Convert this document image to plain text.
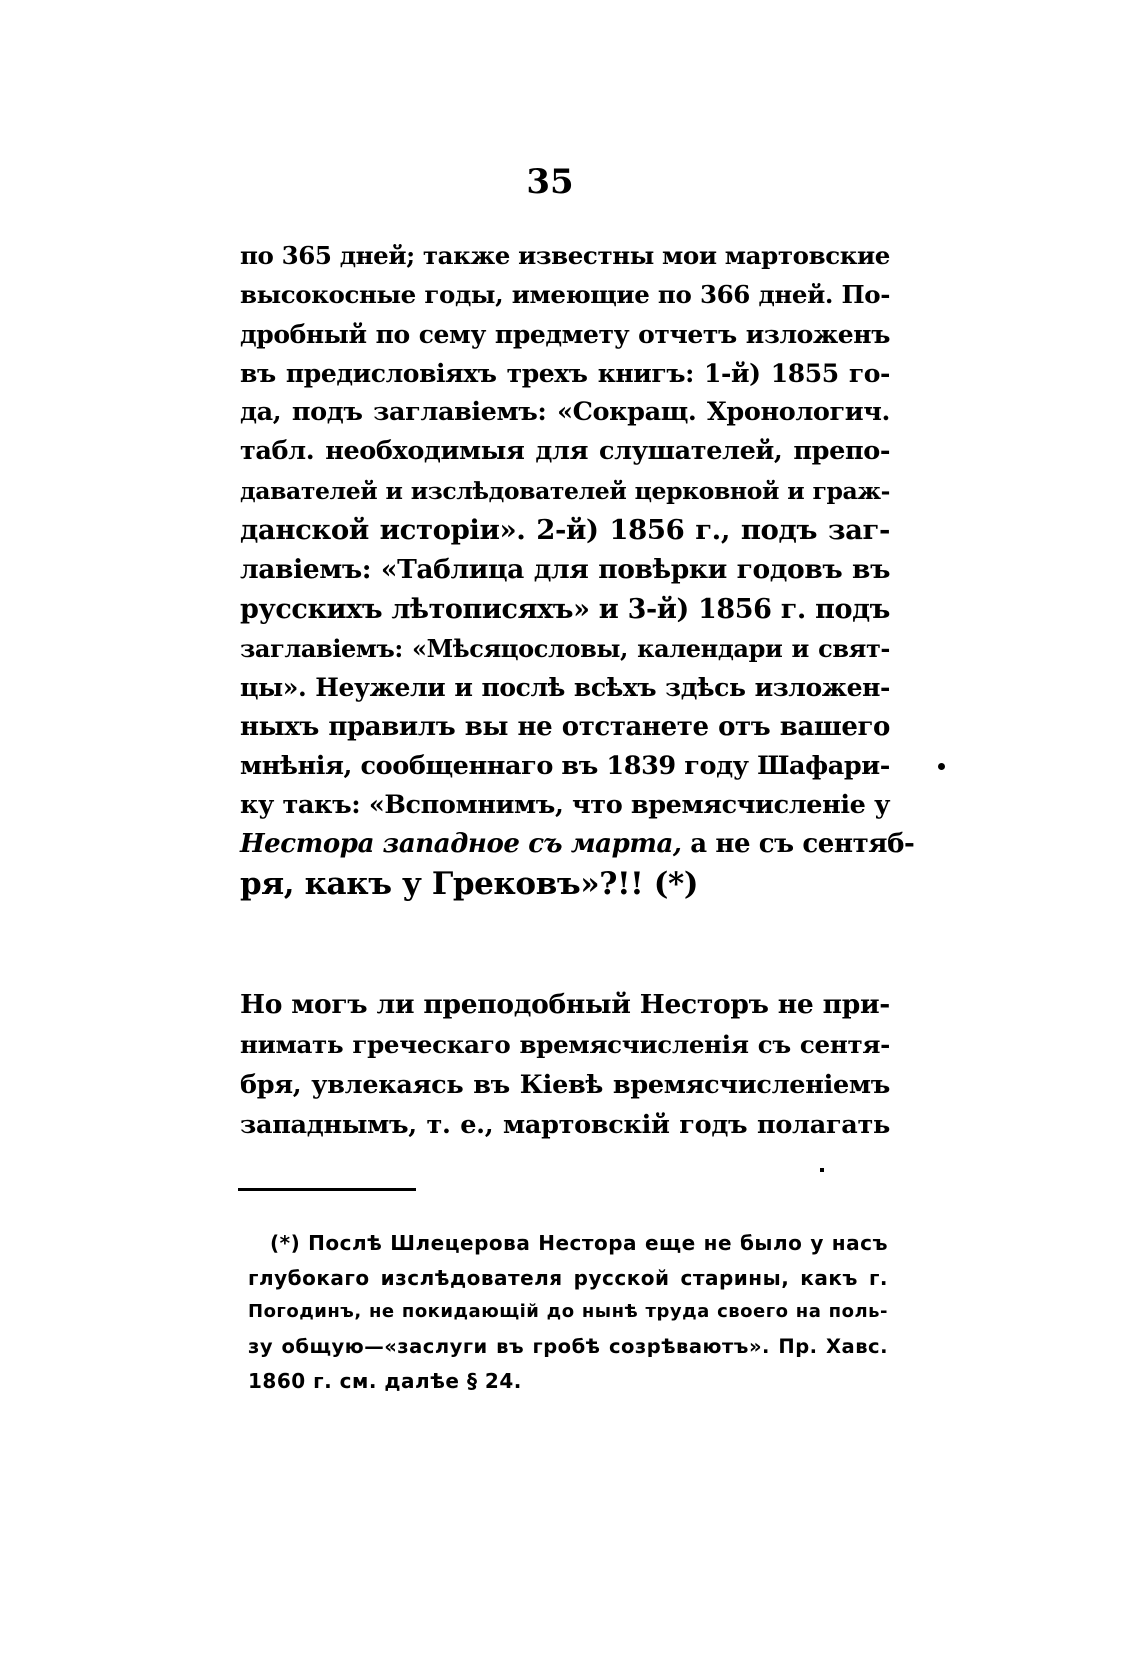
35
по 365 дней; также известны мои мартовские
высокосные годы, имеющие по 366 дней. По-
дробный по сему предмету отчетъ изложенъ
въ предисловіяхъ трехъ книгъ: 1-й) 1855 го-
да, подъ заглавіемъ: «Сокращ. Хронологич.
табл. необходимыя для слушателей, препо-
давателей и изслѣдователей церковной и граж-
данской исторіи». 2-й) 1856 г., подъ заг-
лавіемъ: «Таблица для повѣрки годовъ въ
русскихъ лѣтописяхъ» и 3-й) 1856 г. подъ
заглавіемъ: «Мѣсяцословы, календари и свят-
цы». Неужели и послѣ всѣхъ здѣсь изложен-
ныхъ правилъ вы не отстанете отъ вашего
мнѣнія, сообщеннаго въ 1839 году Шафари-
ку такъ: «Вспомнимъ, что времясчисленіе у
Нестора западное съ марта, а не съ сентяб-
ря, какъ у Грековъ»?!! (*)
Но могъ ли преподобный Несторъ не при-
нимать греческаго времясчисленія съ сентя-
бря, увлекаясь въ Кіевѣ времясчисленіемъ
западнымъ, т. е., мартовскій годъ полагать
(*) Послѣ Шлецерова Нестора еще не было у насъ
глубокаго изслѣдователя русской старины, какъ г.
Погодинъ, не покидающій до нынѣ труда своего на поль-
зу общую—«заслуги въ гробѣ созрѣваютъ». Пр. Хавс.
1860 г. см. далѣе § 24.
